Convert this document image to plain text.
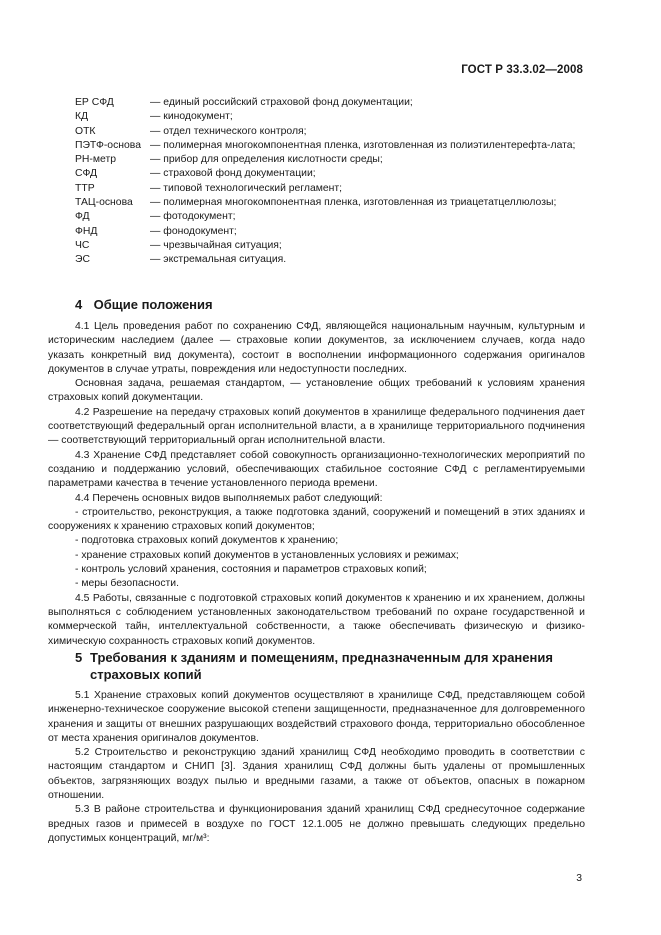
ГОСТ Р 33.3.02—2008
ЕР СФД	— единый российский страховой фонд документации;
КД	— кинодокумент;
ОТК	— отдел технического контроля;
ПЭТФ-основа — полимерная многокомпонентная пленка, изготовленная из полиэтилентерефта-лата;
РН-метр	— прибор для определения кислотности среды;
СФД	— страховой фонд документации;
ТТР	— типовой технологический регламент;
ТАЦ-основа	— полимерная многокомпонентная пленка, изготовленная из триацетатцеллюлозы;
ФД	— фотодокумент;
ФНД	— фонодокумент;
ЧС	— чрезвычайная ситуация;
ЭС	— экстремальная ситуация.
4 Общие положения

4.1 Цель проведения работ по сохранению СФД, являющейся национальным научным, культурным и историческим наследием (далее — страховые копии документов, за исключением случаев, когда надо указать конкретный вид документа), состоит в восполнении информационного содержания оригиналов документов в случае утраты, повреждения или недоступности последних.

Основная задача, решаемая стандартом, — установление общих требований к условиям хранения страховых копий документации.

4.2 Разрешение на передачу страховых копий документов в хранилище федерального подчинения дает соответствующий федеральный орган исполнительной власти, а в хранилище территориального подчинения — соответствующий территориальный орган исполнительной власти.

4.3 Хранение СФД представляет собой совокупность организационно-технологических мероприятий по созданию и поддержанию условий, обеспечивающих стабильное состояние СФД с регламентируемыми параметрами качества в течение установленного периода времени.

4.4 Перечень основных видов выполняемых работ следующий:

- строительство, реконструкция, а также подготовка зданий, сооружений и помещений в этих зданиях и сооружениях к хранению страховых копий документов;

- подготовка страховых копий документов к хранению;

- хранение страховых копий документов в установленных условиях и режимах;

- контроль условий хранения, состояния и параметров страховых копий;

- меры безопасности.

4.5 Работы, связанные с подготовкой страховых копий документов к хранению и их хранением, должны выполняться с соблюдением установленных законодательством требований по охране государственной и коммерческой тайн, интеллектуальной собственности, а также обеспечивать физическую и физико-химическую сохранность страховых копий документов.

5 Требования к зданиям и помещениям, предназначенным для хранения
страховых копий

5.1 Хранение страховых копий документов осуществляют в хранилище СФД, представляющем собой инженерно-техническое сооружение высокой степени защищенности, предназначенное для долговременного хранения и защиты от внешних разрушающих воздействий страхового фонда, территориально обособленное от места хранения оригиналов документов.

5.2 Строительство и реконструкцию зданий хранилищ СФД необходимо проводить в соответствии с настоящим стандартом и СНИП [3]. Здания хранилищ СФД должны быть удалены от промышленных объектов, загрязняющих воздух пылью и вредными газами, а также от объектов, опасных в пожарном отношении.

5.3 В районе строительства и функционирования зданий хранилищ СФД среднесуточное содержание вредных газов и примесей в воздухе по ГОСТ 12.1.005 не должно превышать следующих предельно допустимых концентраций, мг/м³:

3
